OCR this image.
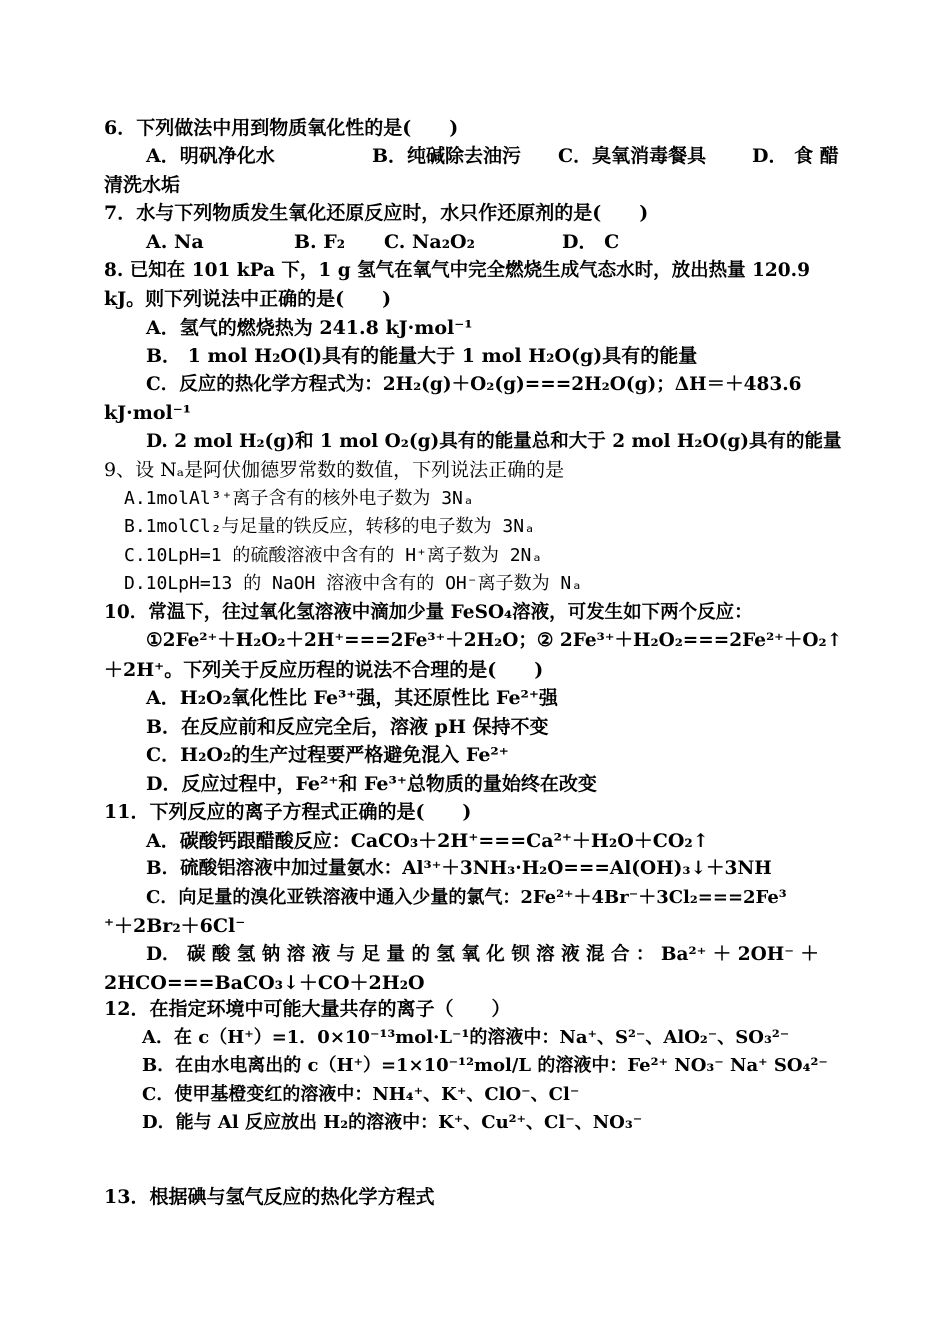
6．下列做法中用到物质氧化性的是(　　)
A．明矾净化水	B．纯碱除去油污 C．臭氧消毒餐具 D． 食 醋
清洗水垢
7．水与下列物质发生氧化还原反应时，水只作还原剂的是(　　)
A. Na	B. F₂ C. Na₂O₂	D． C
8. 已知在 101 kPa 下，1 g 氢气在氧气中完全燃烧生成气态水时，放出热量 120.9
kJ。则下列说法中正确的是(　　)
A．氢气的燃烧热为 241.8 kJ·mol⁻¹
B． 1 mol H₂O(l)具有的能量大于 1 mol H₂O(g)具有的能量
C．反应的热化学方程式为：2H₂(g)＋O₂(g)===2H₂O(g)；ΔH＝＋483.6
kJ·mol⁻¹
D. 2 mol H₂(g)和 1 mol O₂(g)具有的能量总和大于 2 mol H₂O(g)具有的能量
9、设 Nₐ是阿伏伽德罗常数的数值，下列说法正确的是
A.1molAl³⁺离子含有的核外电子数为 3Nₐ
B.1molCl₂与足量的铁反应，转移的电子数为 3Nₐ
C.10LpH=1 的硫酸溶液中含有的 H⁺离子数为 2Nₐ
D.10LpH=13 的 NaOH 溶液中含有的 OH⁻离子数为 Nₐ
10．常温下，往过氧化氢溶液中滴加少量 FeSO₄溶液，可发生如下两个反应：
①2Fe²⁺＋H₂O₂＋2H⁺===2Fe³⁺＋2H₂O；② 2Fe³⁺＋H₂O₂===2Fe²⁺＋O₂↑
＋2H⁺。下列关于反应历程的说法不合理的是(　　)
A．H₂O₂氧化性比 Fe³⁺强，其还原性比 Fe²⁺强
B．在反应前和反应完全后，溶液 pH 保持不变
C．H₂O₂的生产过程要严格避免混入 Fe²⁺
D．反应过程中，Fe²⁺和 Fe³⁺总物质的量始终在改变
11．下列反应的离子方程式正确的是(　　)
A．碳酸钙跟醋酸反应：CaCO₃＋2H⁺===Ca²⁺＋H₂O＋CO₂↑
B．硫酸铝溶液中加过量氨水：Al³⁺＋3NH₃·H₂O===Al(OH)₃↓＋3NH
C．向足量的溴化亚铁溶液中通入少量的氯气：2Fe²⁺＋4Br⁻＋3Cl₂===2Fe³
⁺＋2Br₂＋6Cl⁻
D． 碳 酸 氢 钠 溶 液 与 足 量 的 氢 氧 化 钡 溶 液 混 合 ： Ba²⁺ ＋ 2OH⁻ ＋
2HCO===BaCO₃↓＋CO＋2H₂O
12．在指定环境中可能大量共存的离子（　　）
A．在 c（H⁺）=1．0×10⁻¹³mol·L⁻¹的溶液中：Na⁺、S²⁻、AlO₂⁻、SO₃²⁻
B．在由水电离出的 c（H⁺）=1×10⁻¹²mol/L 的溶液中：Fe²⁺ NO₃⁻ Na⁺ SO₄²⁻
C．使甲基橙变红的溶液中：NH₄⁺、K⁺、ClO⁻、Cl⁻
D．能与 Al 反应放出 H₂的溶液中：K⁺、Cu²⁺、Cl⁻、NO₃⁻
13．根据碘与氢气反应的热化学方程式
